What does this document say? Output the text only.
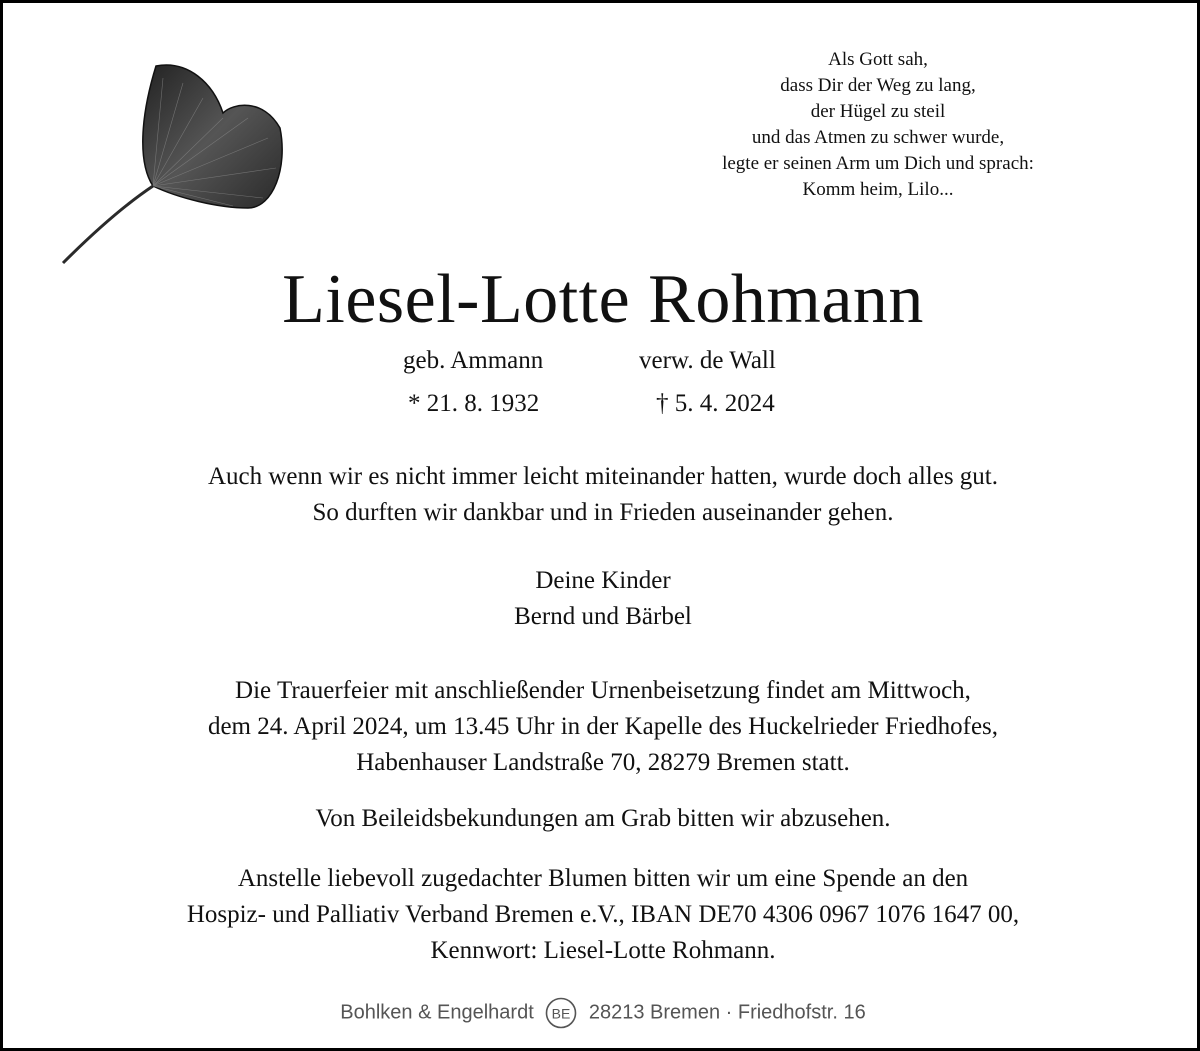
Als Gott sah,
dass Dir der Weg zu lang,
der Hügel zu steil
und das Atmen zu schwer wurde,
legte er seinen Arm um Dich und sprach:
Komm heim, Lilo...
Liesel-Lotte Rohmann
geb. Ammann	verw. de Wall
* 21. 8. 1932	† 5. 4. 2024
Auch wenn wir es nicht immer leicht miteinander hatten, wurde doch alles gut.
So durften wir dankbar und in Frieden auseinander gehen.
Deine Kinder
Bernd und Bärbel
Die Trauerfeier mit anschließender Urnenbeisetzung findet am Mittwoch,
dem 24. April 2024, um 13.45 Uhr in der Kapelle des Huckelrieder Friedhofes,
Habenhauser Landstraße 70, 28279 Bremen statt.
Von Beileidsbekundungen am Grab bitten wir abzusehen.
Anstelle liebevoll zugedachter Blumen bitten wir um eine Spende an den
Hospiz- und Palliativ Verband Bremen e.V., IBAN DE70 4306 0967 1076 1647 00,
Kennwort: Liesel-Lotte Rohmann.
Bohlken & Engelhardt BE 28213 Bremen · Friedhofstr. 16
